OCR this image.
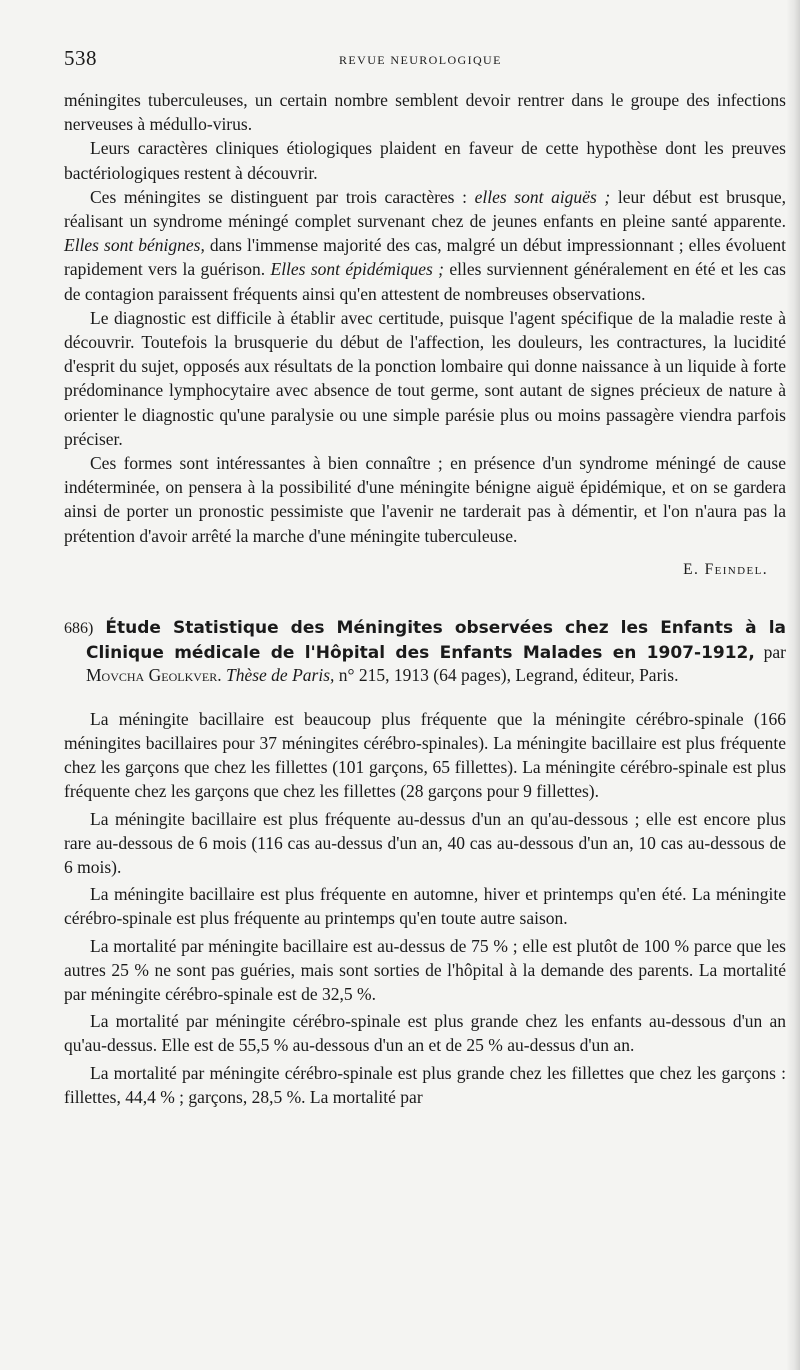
538	REVUE NEUROLOGIQUE

méningites tuberculeuses, un certain nombre semblent devoir rentrer dans le groupe des infections nerveuses à médullo-virus.

Leurs caractères cliniques étiologiques plaident en faveur de cette hypothèse dont les preuves bactériologiques restent à découvrir.

Ces méningites se distinguent par trois caractères : elles sont aiguës ; leur début est brusque, réalisant un syndrome méningé complet survenant chez de jeunes enfants en pleine santé apparente. Elles sont bénignes, dans l'immense majorité des cas, malgré un début impressionnant ; elles évoluent rapidement vers la guérison. Elles sont épidémiques ; elles surviennent généralement en été et les cas de contagion paraissent fréquents ainsi qu'en attestent de nombreuses observations.

Le diagnostic est difficile à établir avec certitude, puisque l'agent spécifique de la maladie reste à découvrir. Toutefois la brusquerie du début de l'affection, les douleurs, les contractures, la lucidité d'esprit du sujet, opposés aux résultats de la ponction lombaire qui donne naissance à un liquide à forte prédominance lymphocytaire avec absence de tout germe, sont autant de signes précieux de nature à orienter le diagnostic qu'une paralysie ou une simple parésie plus ou moins passagère viendra parfois préciser.

Ces formes sont intéressantes à bien connaître ; en présence d'un syndrome méningé de cause indéterminée, on pensera à la possibilité d'une méningite bénigne aiguë épidémique, et on se gardera ainsi de porter un pronostic pessimiste que l'avenir ne tarderait pas à démentir, et l'on n'aura pas la prétention d'avoir arrêté la marche d'une méningite tuberculeuse.

E. Feindel.

686) Étude Statistique des Méningites observées chez les Enfants à la Clinique médicale de l'Hôpital des Enfants Malades en 1907-1912, par Movcha Geolkver. Thèse de Paris, n° 215, 1913 (64 pages), Legrand, éditeur, Paris.

La méningite bacillaire est beaucoup plus fréquente que la méningite cérébro-spinale (166 méningites bacillaires pour 37 méningites cérébro-spinales). La méningite bacillaire est plus fréquente chez les garçons que chez les fillettes (101 garçons, 65 fillettes). La méningite cérébro-spinale est plus fréquente chez les garçons que chez les fillettes (28 garçons pour 9 fillettes).

La méningite bacillaire est plus fréquente au-dessus d'un an qu'au-dessous ; elle est encore plus rare au-dessous de 6 mois (116 cas au-dessus d'un an, 40 cas au-dessous d'un an, 10 cas au-dessous de 6 mois).

La méningite bacillaire est plus fréquente en automne, hiver et printemps qu'en été. La méningite cérébro-spinale est plus fréquente au printemps qu'en toute autre saison.

La mortalité par méningite bacillaire est au-dessus de 75 % ; elle est plutôt de 100 % parce que les autres 25 % ne sont pas guéries, mais sont sorties de l'hôpital à la demande des parents. La mortalité par méningite cérébro-spinale est de 32,5 %.

La mortalité par méningite cérébro-spinale est plus grande chez les enfants au-dessous d'un an qu'au-dessus. Elle est de 55,5 % au-dessous d'un an et de 25 % au-dessus d'un an.

La mortalité par méningite cérébro-spinale est plus grande chez les fillettes que chez les garçons : fillettes, 44,4 % ; garçons, 28,5 %. La mortalité par
